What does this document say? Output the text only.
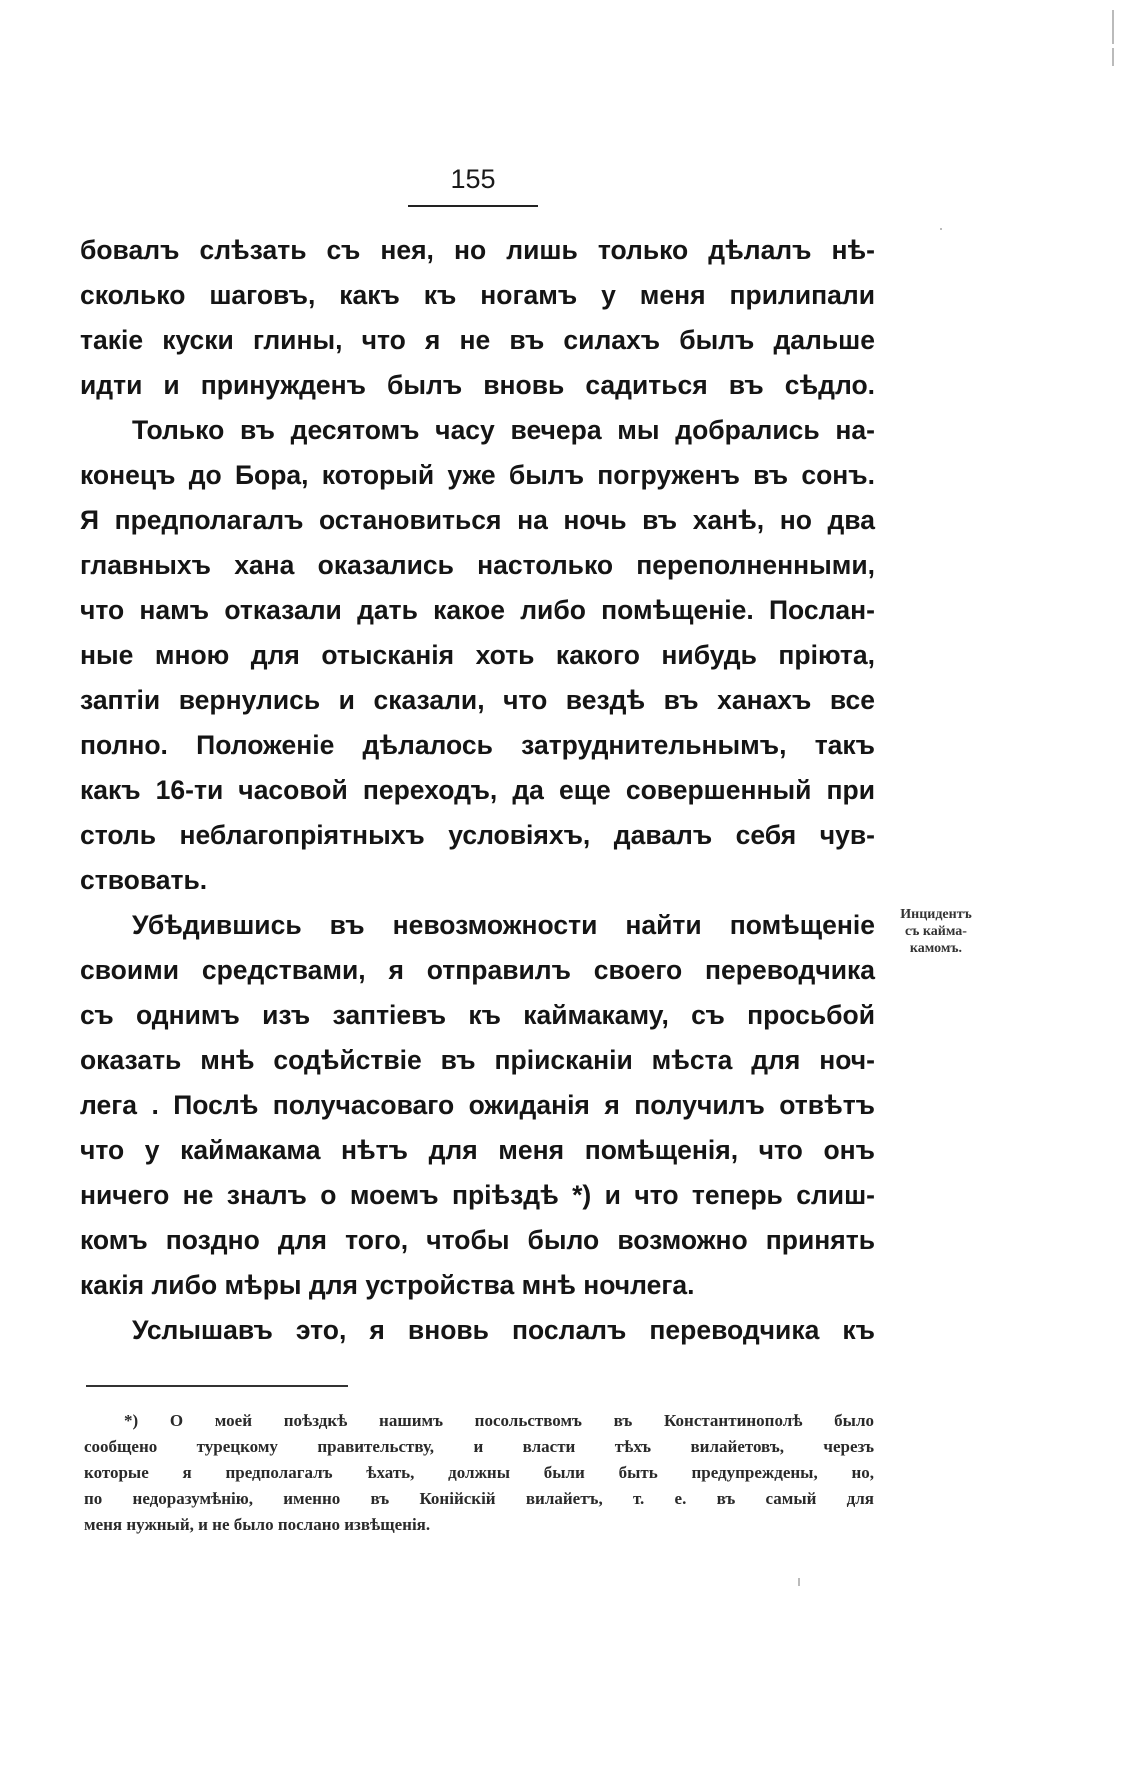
155
бовалъ слѣзать съ нея, но лишь только дѣлалъ нѣ-
сколько шаговъ, какъ къ ногамъ у меня прилипали
такіе куски глины, что я не въ силахъ былъ дальше
идти и принужденъ былъ вновь садиться въ сѣдло.
Только въ десятомъ часу вечера мы добрались на-
конецъ до Бора, который уже былъ погруженъ въ сонъ.
Я предполагалъ остановиться на ночь въ ханѣ, но два
главныхъ хана оказались настолько переполненными,
что намъ отказали дать какое либо помѣщеніе. Послан-
ные мною для отысканія хоть какого нибудь пріюта,
заптіи вернулись и сказали, что вездѣ въ ханахъ все
полно. Положеніе дѣлалось затруднительнымъ, такъ
какъ 16-ти часовой переходъ, да еще совершенный при
столь неблагопріятныхъ условіяхъ, давалъ себя чув-
ствовать.
Убѣдившись въ невозможности найти помѣщеніе
своими средствами, я отправилъ своего переводчика
съ однимъ изъ заптіевъ къ каймакаму, съ просьбой
оказать мнѣ содѣйствіе въ пріисканіи мѣста для ноч-
лега . Послѣ получасоваго ожиданія я получилъ отвѣтъ
что у каймакама нѣтъ для меня помѣщенія, что онъ
ничего не зналъ о моемъ пріѣздѣ *) и что теперь слиш-
комъ поздно для того, чтобы было возможно принять
какія либо мѣры для устройства мнѣ ночлега.
Услышавъ это, я вновь послалъ переводчика къ
Инцидентъ
съ кайма-
камомъ.
*) О моей поѣздкѣ нашимъ посольствомъ въ Константинополѣ было
сообщено турецкому правительству, и власти тѣхъ вилайетовъ, черезъ
которые я предполагалъ ѣхать, должны были быть предупреждены, но,
по недоразумѣнію, именно въ Конійскій вилайетъ, т. е. въ самый для
меня нужный, и не было послано извѣщенія.
